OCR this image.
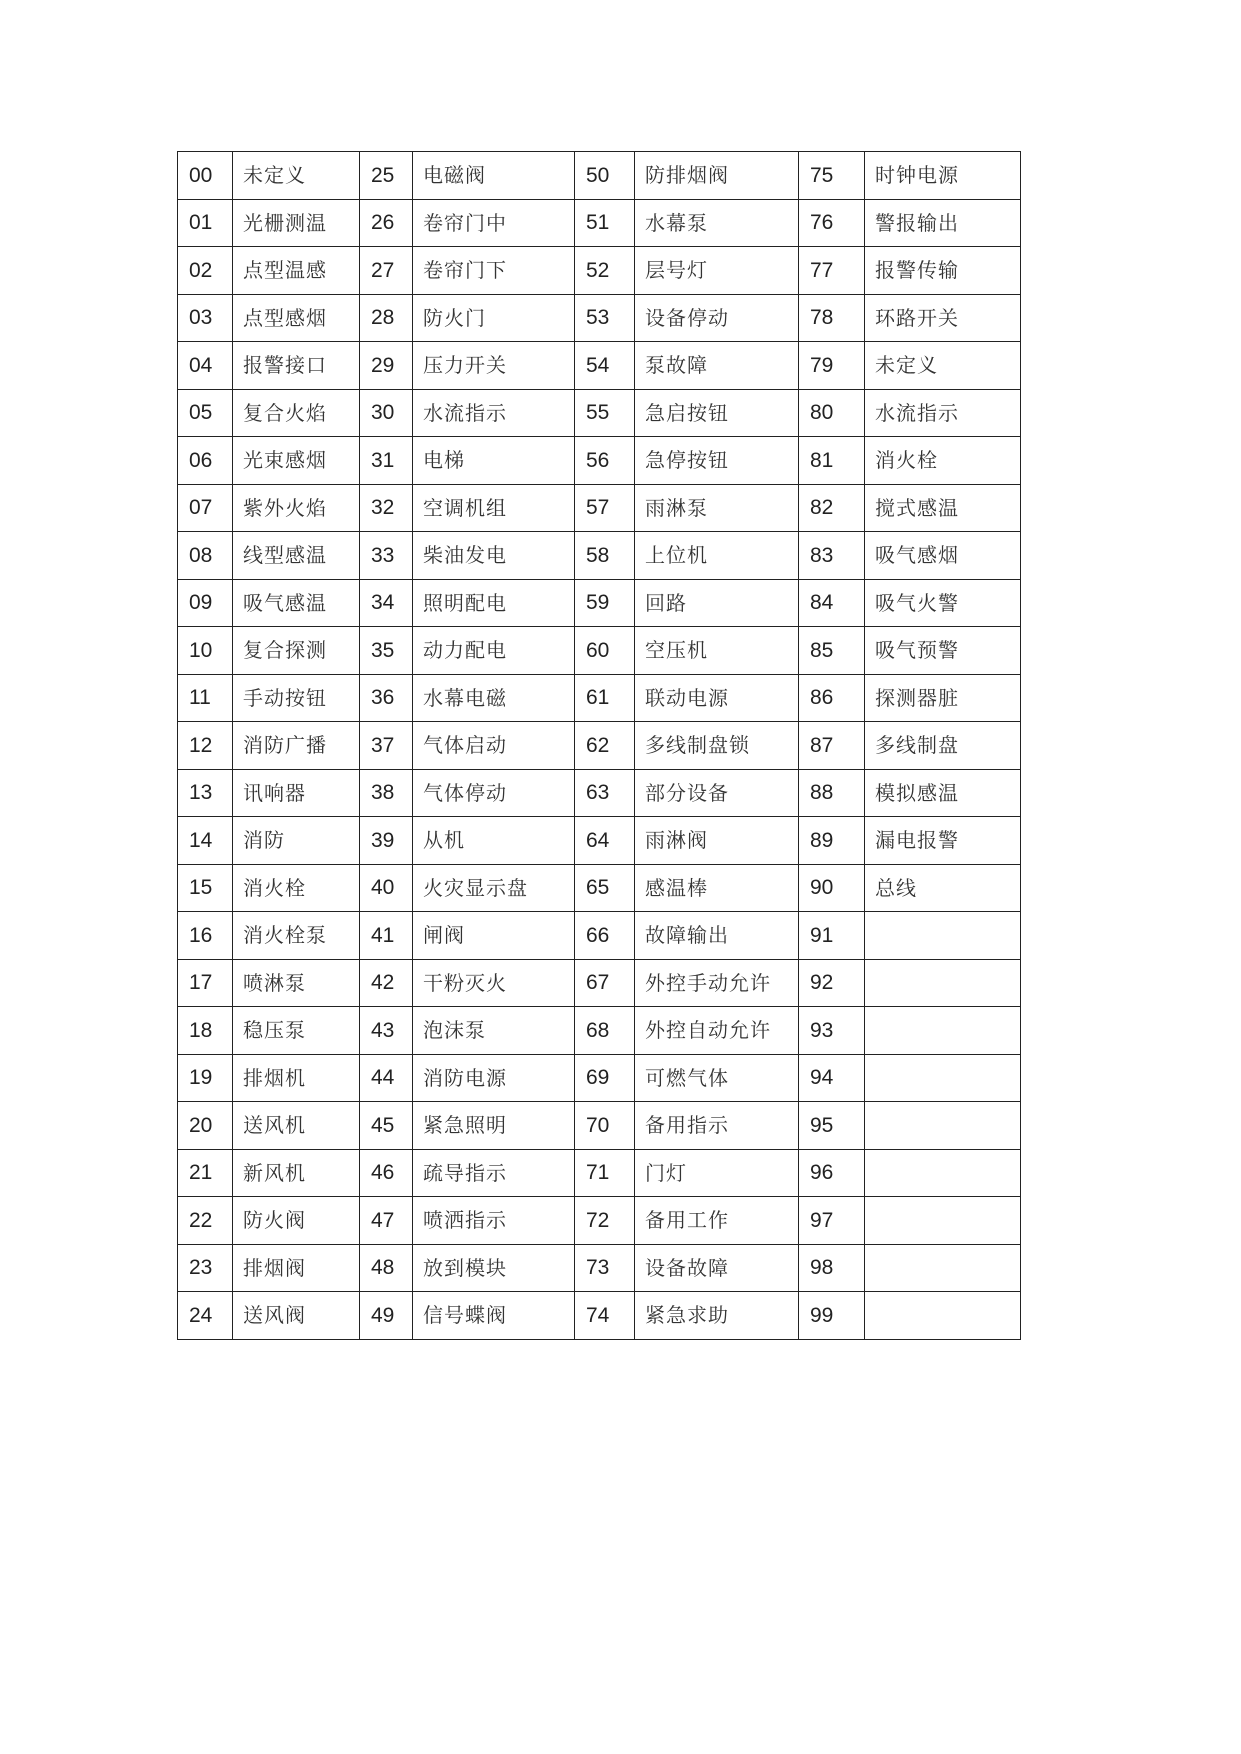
00	未定义	25	电磁阀	50	防排烟阀	75	时钟电源
01	光栅测温	26	卷帘门中	51	水幕泵	76	警报输出
02	点型温感	27	卷帘门下	52	层号灯	77	报警传输
03	点型感烟	28	防火门	53	设备停动	78	环路开关
04	报警接口	29	压力开关	54	泵故障	79	未定义
05	复合火焰	30	水流指示	55	急启按钮	80	水流指示
06	光束感烟	31	电梯	56	急停按钮	81	消火栓
07	紫外火焰	32	空调机组	57	雨淋泵	82	搅式感温
08	线型感温	33	柴油发电	58	上位机	83	吸气感烟
09	吸气感温	34	照明配电	59	回路	84	吸气火警
10	复合探测	35	动力配电	60	空压机	85	吸气预警
11	手动按钮	36	水幕电磁	61	联动电源	86	探测器脏
12	消防广播	37	气体启动	62	多线制盘锁	87	多线制盘
13	讯响器	38	气体停动	63	部分设备	88	模拟感温
14	消防	39	从机	64	雨淋阀	89	漏电报警
15	消火栓	40	火灾显示盘	65	感温棒	90	总线
16	消火栓泵	41	闸阀	66	故障输出	91	
17	喷淋泵	42	干粉灭火	67	外控手动允许	92	
18	稳压泵	43	泡沫泵	68	外控自动允许	93	
19	排烟机	44	消防电源	69	可燃气体	94	
20	送风机	45	紧急照明	70	备用指示	95	
21	新风机	46	疏导指示	71	门灯	96	
22	防火阀	47	喷洒指示	72	备用工作	97	
23	排烟阀	48	放到模块	73	设备故障	98	
24	送风阀	49	信号蝶阀	74	紧急求助	99	
